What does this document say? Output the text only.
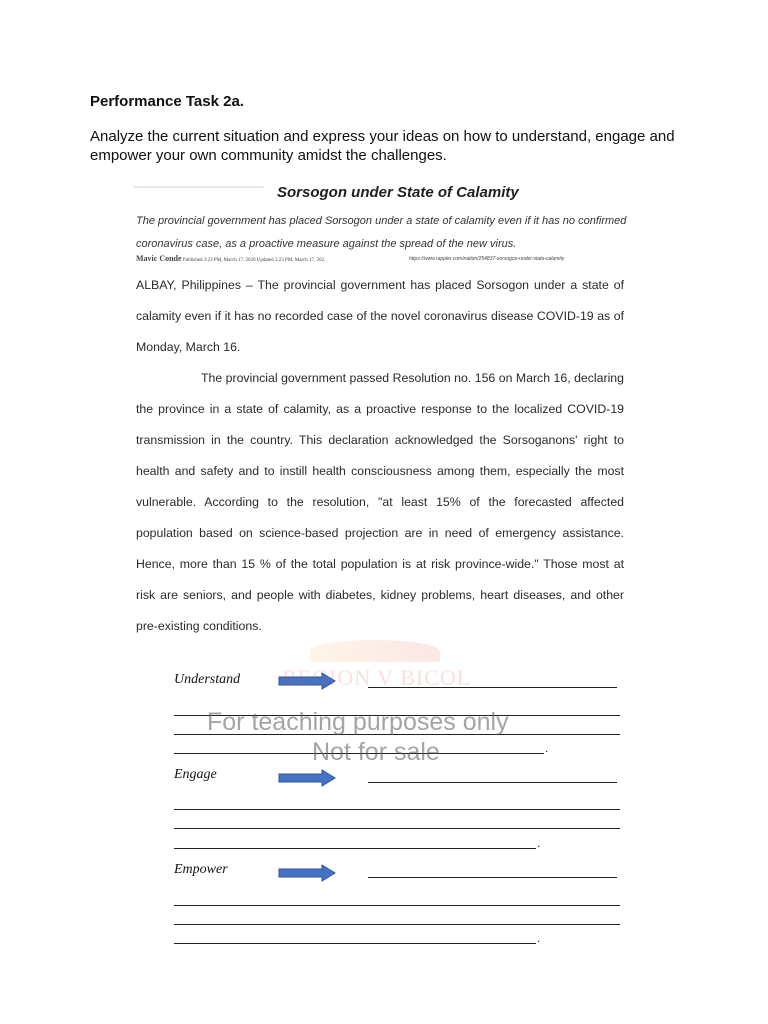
Performance Task 2a.

Analyze the current situation and express your ideas on how to understand, engage and empower your own community amidst the challenges.

Sorsogon under State of Calamity
The provincial government has placed Sorsogon under a state of calamity even if it has no confirmed coronavirus case, as a proactive measure against the spread of the new virus.
Mavic Conde Published 3:23 PM, March 17, 2020 Updated 3:23 PM, March 17, 202.	https://www.rappler.com/nation/254837-sorsogon-under-state-calamity

ALBAY, Philippines – The provincial government has placed Sorsogon under a state of calamity even if it has no recorded case of the novel coronavirus disease COVID-19 as of Monday, March 16.

The provincial government passed Resolution no. 156 on March 16, declaring the province in a state of calamity, as a proactive response to the localized COVID-19 transmission in the country. This declaration acknowledged the Sorsoganons' right to health and safety and to instill health consciousness among them, especially the most vulnerable. According to the resolution, "at least 15% of the forecasted affected population based on science-based projection are in need of emergency assistance. Hence, more than 15 % of the total population is at risk province-wide." Those most at risk are seniors, and people with diabetes, kidney problems, heart diseases, and other pre-existing conditions.

REGION V BICOL
For teaching purposes only
Not for sale
Understand
.
Engage
.
Empower
.
